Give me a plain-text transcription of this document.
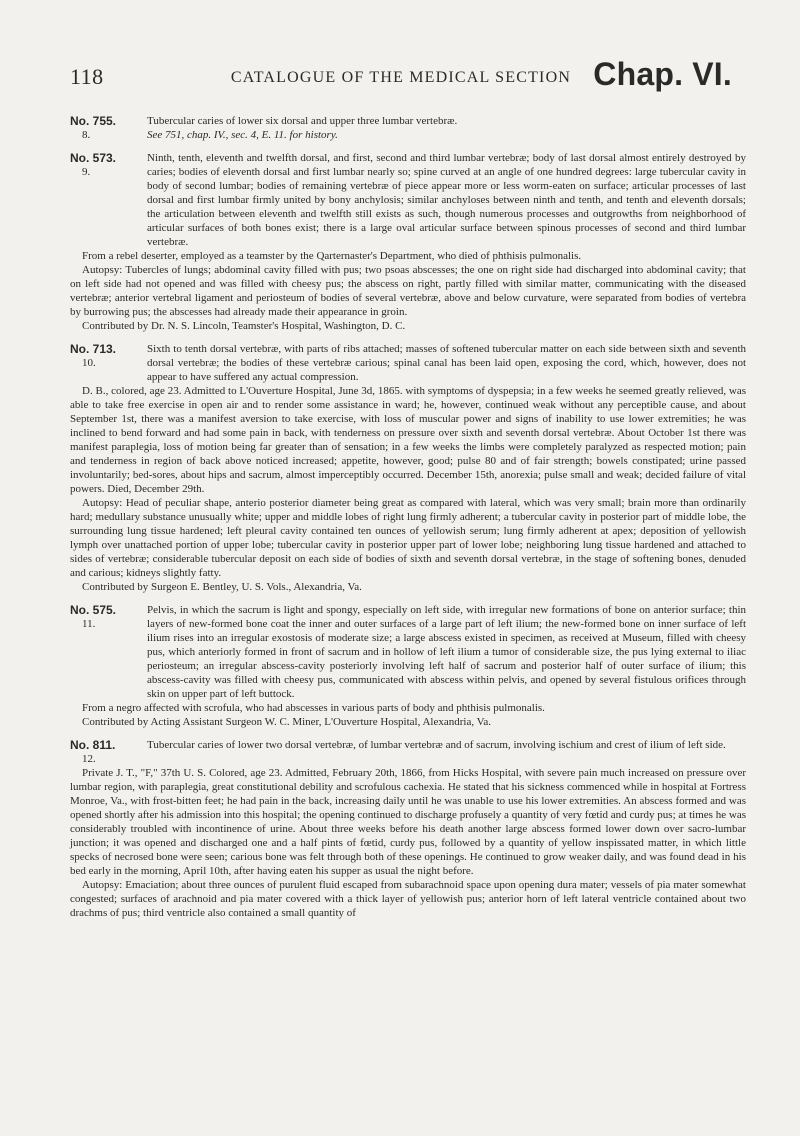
118	CATALOGUE OF THE MEDICAL SECTION Chap. VI.
No. 755.
8.
Tubercular caries of lower six dorsal and upper three lumbar vertebræ.
See 751, chap. IV., sec. 4, E. 11. for history.
No. 573.
9.
Ninth, tenth, eleventh and twelfth dorsal, and first, second and third lumbar vertebræ; body of last dorsal almost entirely destroyed by caries; bodies of eleventh dorsal and first lumbar nearly so; spine curved at an angle of one hundred degrees: large tubercular cavity in body of second lumbar; bodies of remaining vertebræ of piece appear more or less worm-eaten on surface; articular processes of last dorsal and first lumbar firmly united by bony anchylosis; similar anchyloses between ninth and tenth, and tenth and eleventh dorsals; the articulation between eleventh and twelfth still exists as such, though numerous processes and outgrowths from neighborhood of articular surfaces of both bones exist; there is a large oval articular surface between spinous processes of second and third lumbar vertebræ.

From a rebel deserter, employed as a teamster by the Qarternaster's Department, who died of phthisis pulmonalis.

Autopsy: Tubercles of lungs; abdominal cavity filled with pus; two psoas abscesses; the one on right side had discharged into abdominal cavity; that on left side had not opened and was filled with cheesy pus; the abscess on right, partly filled with similar matter, communicating with the diseased vertebræ; anterior vertebral ligament and periosteum of bodies of several vertebræ, above and below curvature, were separated from bodies of vertebra by burrowing pus; the abscesses had already made their appearance in groin.

Contributed by Dr. N. S. Lincoln, Teamster's Hospital, Washington, D. C.

No. 713.
10.
Sixth to tenth dorsal vertebræ, with parts of ribs attached; masses of softened tubercular matter on each side between sixth and seventh dorsal vertebræ; the bodies of these vertebræ carious; spinal canal has been laid open, exposing the cord, which, however, does not appear to have suffered any actual compression.

D. B., colored, age 23. Admitted to L'Ouverture Hospital, June 3d, 1865. with symptoms of dyspepsia; in a few weeks he seemed greatly relieved, was able to take free exercise in open air and to render some assistance in ward; he, however, continued weak without any perceptible cause, and about September 1st, there was a manifest aversion to take exercise, with loss of muscular power and signs of inability to use lower extremities; he was inclined to bend forward and had some pain in back, with tenderness on pressure over sixth and seventh dorsal vertebræ. About October 1st there was manifest paraplegia, loss of motion being far greater than of sensation; in a few weeks the limbs were completely paralyzed as respected motion; pain and tenderness in region of back above noticed increased; appetite, however, good; pulse 80 and of fair strength; bowels constipated; urine passed involuntarily; bed-sores, about hips and sacrum, almost imperceptibly occurred. December 15th, anorexia; pulse small and weak; decided failure of vital powers. Died, December 29th.

Autopsy: Head of peculiar shape, anterio posterior diameter being great as compared with lateral, which was very small; brain more than ordinarily hard; medullary substance unusually white; upper and middle lobes of right lung firmly adherent; a tubercular cavity in posterior part of middle lobe, the surrounding lung tissue hardened; left pleural cavity contained ten ounces of yellowish serum; lung firmly adherent at apex; deposition of yellowish lymph over unattached portion of upper lobe; tubercular cavity in posterior upper part of lower lobe; neighboring lung tissue hardened and attached to sides of vertebræ; considerable tubercular deposit on each side of bodies of sixth and seventh dorsal vertebræ, in the stage of softening bones, denuded and carious; kidneys slightly fatty.

Contributed by Surgeon E. Bentley, U. S. Vols., Alexandria, Va.

No. 575.
11.
Pelvis, in which the sacrum is light and spongy, especially on left side, with irregular new formations of bone on anterior surface; thin layers of new-formed bone coat the inner and outer surfaces of a large part of left ilium; the new-formed bone on inner surface of left ilium rises into an irregular exostosis of moderate size; a large abscess existed in specimen, as received at Museum, filled with cheesy pus, which anteriorly formed in front of sacrum and in hollow of left ilium a tumor of considerable size, the pus lying external to iliac periosteum; an irregular abscess-cavity posteriorly involving left half of sacrum and posterior half of outer surface of ilium; this abscess-cavity was filled with cheesy pus, communicated with abscess within pelvis, and opened by several fistulous orifices through skin on upper part of left buttock.

From a negro affected with scrofula, who had abscesses in various parts of body and phthisis pulmonalis.

Contributed by Acting Assistant Surgeon W. C. Miner, L'Ouverture Hospital, Alexandria, Va.

No. 811.
12.
Tubercular caries of lower two dorsal vertebræ, of lumbar vertebræ and of sacrum, involving ischium and crest of ilium of left side.

Private J. T., "F," 37th U. S. Colored, age 23. Admitted, February 20th, 1866, from Hicks Hospital, with severe pain much increased on pressure over lumbar region, with paraplegia, great constitutional debility and scrofulous cachexia. He stated that his sickness commenced while in hospital at Fortress Monroe, Va., with frost-bitten feet; he had pain in the back, increasing daily until he was unable to use his lower extremities. An abscess formed and was opened shortly after his admission into this hospital; the opening continued to discharge profusely a quantity of very fœtid and curdy pus; at times he was considerably troubled with incontinence of urine. About three weeks before his death another large abscess formed lower down over sacro-lumbar junction; it was opened and discharged one and a half pints of fœtid, curdy pus, followed by a quantity of yellow inspissated matter, in which little specks of necrosed bone were seen; carious bone was felt through both of these openings. He continued to grow weaker daily, and was found dead in his bed early in the morning, April 10th, after having eaten his supper as usual the night before.

Autopsy: Emaciation; about three ounces of purulent fluid escaped from subarachnoid space upon opening dura mater; vessels of pia mater somewhat congested; surfaces of arachnoid and pia mater covered with a thick layer of yellowish pus; anterior horn of left lateral ventricle contained about two drachms of pus; third ventricle also contained a small quantity of
